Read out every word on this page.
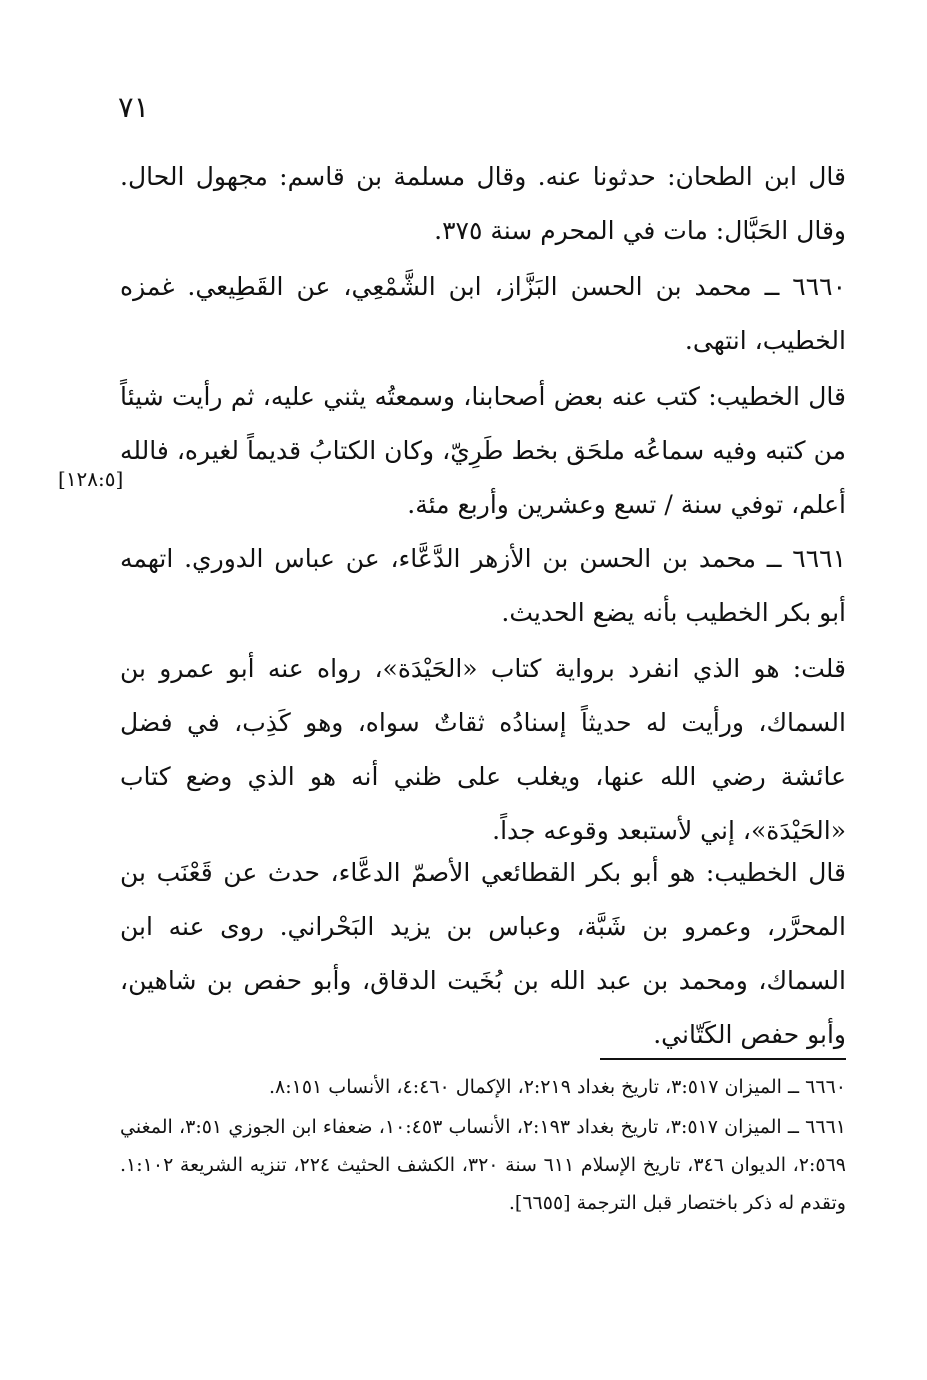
٧١
قال ابن الطحان: حدثونا عنه. وقال مسلمة بن قاسم: مجهول الحال. وقال الحَبَّال: مات في المحرم سنة ٣٧٥.
٦٦٦٠ ــ محمد بن الحسن البَزَّاز، ابن الشَّمْعِي، عن القَطِيعي. غمزه الخطيب، انتهى.
قال الخطيب: كتب عنه بعض أصحابنا، وسمعتُه يثني عليه، ثم رأيت شيئاً من كتبه وفيه سماعُه ملحَق بخط طَرِيّ، وكان الكتابُ قديماً لغيره، فالله أعلم، توفي سنة / تسع وعشرين وأربع مئة.
[١٢٨:٥]
٦٦٦١ ــ محمد بن الحسن بن الأزهر الدَّعَّاء، عن عباس الدوري. اتهمه أبو بكر الخطيب بأنه يضع الحديث.
قلت: هو الذي انفرد برواية كتاب «الحَيْدَة»، رواه عنه أبو عمرو بن السماك، ورأيت له حديثاً إسنادُه ثقاتٌ سواه، وهو كَذِب، في فضل عائشة رضي الله عنها، ويغلب على ظني أنه هو الذي وضع كتاب «الحَيْدَة»، إني لأستبعد وقوعه جداً.
قال الخطيب: هو أبو بكر القطائعي الأصمّ الدعَّاء، حدث عن قَعْنَب بن المحرَّر، وعمرو بن شَبَّة، وعباس بن يزيد البَحْراني. روى عنه ابن السماك، ومحمد بن عبد الله بن بُخَيت الدقاق، وأبو حفص بن شاهين، وأبو حفص الكَتّاني.
٦٦٦٠ ــ الميزان ٣:٥١٧، تاريخ بغداد ٢:٢١٩، الإكمال ٤:٤٦٠، الأنساب ٨:١٥١.
٦٦٦١ ــ الميزان ٣:٥١٧، تاريخ بغداد ٢:١٩٣، الأنساب ١٠:٤٥٣، ضعفاء ابن الجوزي ٣:٥١، المغني ٢:٥٦٩، الديوان ٣٤٦، تاريخ الإسلام ٦١١ سنة ٣٢٠، الكشف الحثيث ٢٢٤، تنزيه الشريعة ١:١٠٢. وتقدم له ذكر باختصار قبل الترجمة [٦٦٥٥].
